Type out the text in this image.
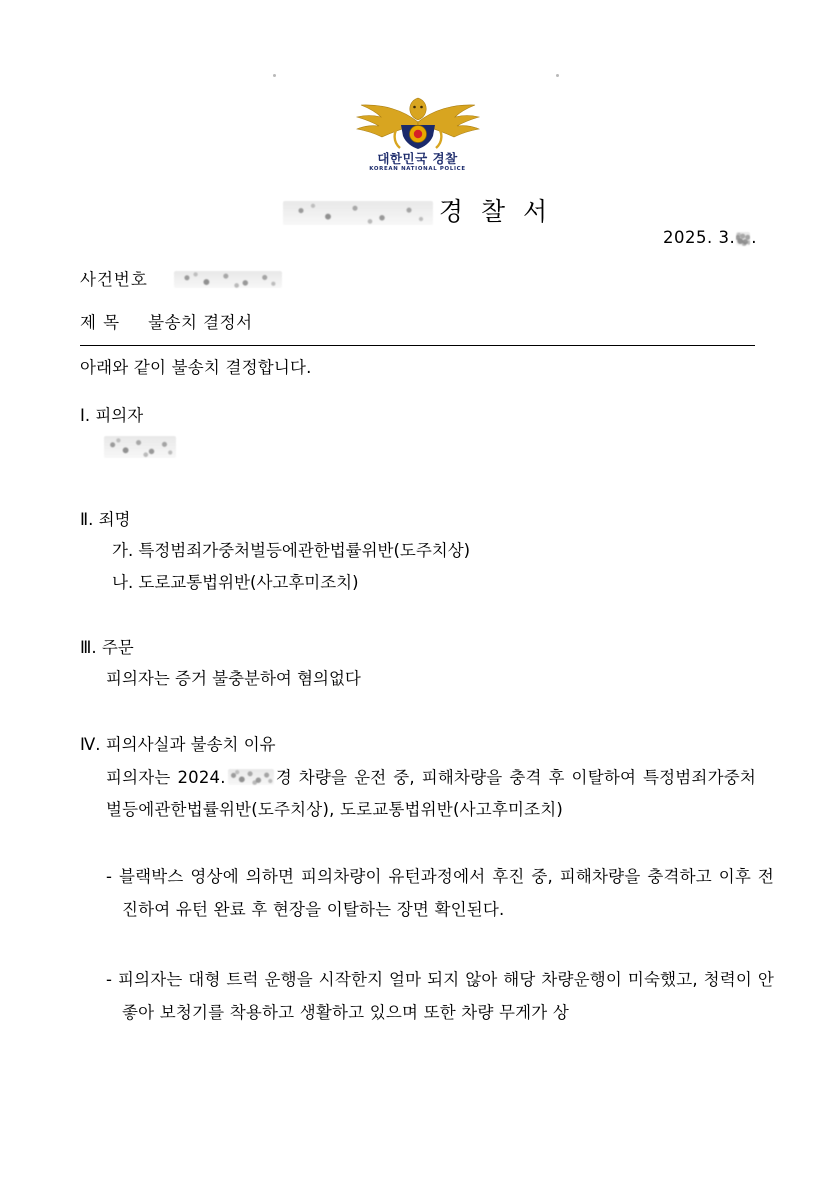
대한민국 경찰
KOREAN NATIONAL POLICE
경 찰 서
2025. 3. .
사건번호
제 목 불송치 결정서
아래와 같이 불송치 결정합니다.
Ⅰ. 피의자
Ⅱ. 죄명
가. 특정범죄가중처벌등에관한법률위반(도주치상)
나. 도로교통법위반(사고후미조치)
Ⅲ. 주문
피의자는 증거 불충분하여 혐의없다
Ⅳ. 피의사실과 불송치 이유
피의자는 2024.	경 차량을 운전 중, 피해차량을 충격 후 이탈하여 특정범죄가중처벌등에관한법률위반(도주치상), 도로교통법위반(사고후미조치)
- 블랙박스 영상에 의하면 피의차량이 유턴과정에서 후진 중, 피해차량을 충격하고 이후 전진하여 유턴 완료 후 현장을 이탈하는 장면 확인된다.
- 피의자는 대형 트럭 운행을 시작한지 얼마 되지 않아 해당 차량운행이 미숙했고, 청력이 안 좋아 보청기를 착용하고 생활하고 있으며 또한 차량 무게가 상
